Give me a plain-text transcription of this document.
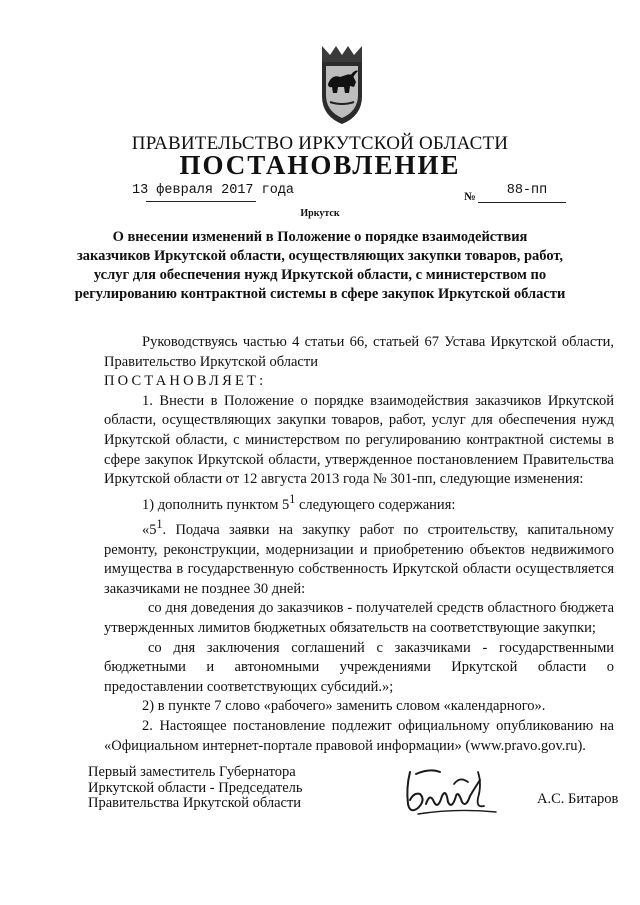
ПРАВИТЕЛЬСТВО ИРКУТСКОЙ ОБЛАСТИ
ПОСТАНОВЛЕНИЕ
13 февраля 2017 года	№	88-пп
Иркутск
О внесении изменений в Положение о порядке взаимодействия
заказчиков Иркутской области, осуществляющих закупки товаров, работ,
услуг для обеспечения нужд Иркутской области, с министерством по
регулированию контрактной системы в сфере закупок Иркутской области

Руководствуясь частью 4 статьи 66, статьей 67 Устава Иркутской области, Правительство Иркутской области

ПОСТАНОВЛЯЕТ:

1. Внести в Положение о порядке взаимодействия заказчиков Иркутской области, осуществляющих закупки товаров, работ, услуг для обеспечения нужд Иркутской области, с министерством по регулированию контрактной системы в сфере закупок Иркутской области, утвержденное постановлением Правительства Иркутской области от 12 августа 2013 года № 301-пп, следующие изменения:

1) дополнить пунктом $5^1$ следующего содержания:

«$5^1$. Подача заявки на закупку работ по строительству, капитальному ремонту, реконструкции, модернизации и приобретению объектов недвижимого имущества в государственную собственность Иркутской области осуществляется заказчиками не позднее 30 дней:

со дня доведения до заказчиков - получателей средств областного бюджета утвержденных лимитов бюджетных обязательств на соответствующие закупки;

со дня заключения соглашений с заказчиками - государственными бюджетными и автономными учреждениями Иркутской области о предоставлении соответствующих субсидий.»;

2) в пункте 7 слово «рабочего» заменить словом «календарного».

2. Настоящее постановление подлежит официальному опубликованию на «Официальном интернет-портале правовой информации» (www.pravo.gov.ru).

Первый заместитель Губернатора
Иркутской области - Председатель
Правительства Иркутской области	А.С. Битаров
